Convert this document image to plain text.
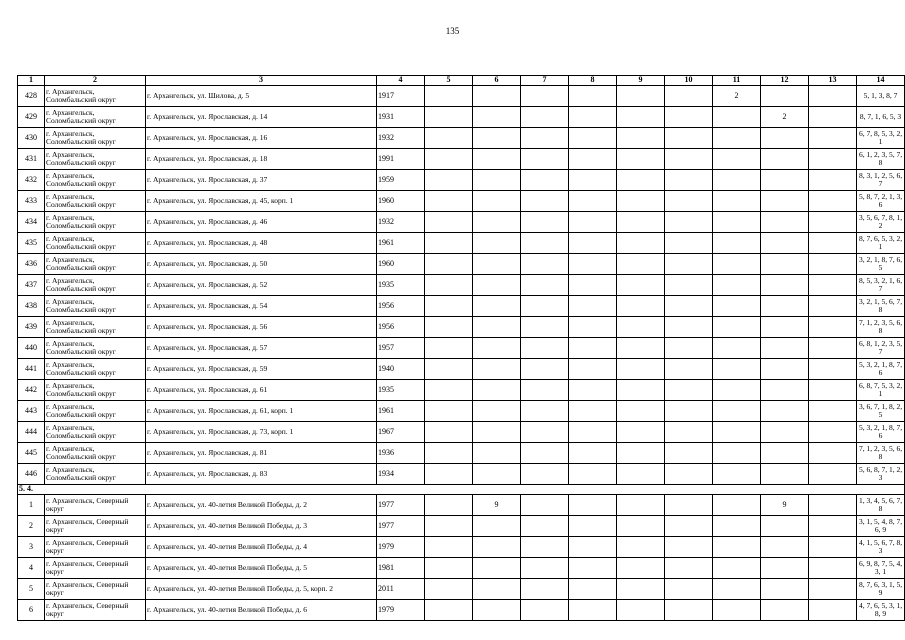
135
1	2	3	4	5	6	7	8	9	10	11	12	13	14
428	г. Архангельск, Соломбальский округ	г. Архангельск, ул. Шилова, д. 5	1917							2			5, 1, 3, 8, 7
429	г. Архангельск, Соломбальский округ	г. Архангельск, ул. Ярославская, д. 14	1931								2		8, 7, 1, 6, 5, 3
430	г. Архангельск, Соломбальский округ	г. Архангельск, ул. Ярославская, д. 16	1932										6, 7, 8, 5, 3, 2, 1
431	г. Архангельск, Соломбальский округ	г. Архангельск, ул. Ярославская, д. 18	1991										6, 1, 2, 3, 5, 7, 8
432	г. Архангельск, Соломбальский округ	г. Архангельск, ул. Ярославская, д. 37	1959										8, 3, 1, 2, 5, 6, 7
433	г. Архангельск, Соломбальский округ	г. Архангельск, ул. Ярославская, д. 45, корп. 1	1960										5, 8, 7, 2, 1, 3, 6
434	г. Архангельск, Соломбальский округ	г. Архангельск, ул. Ярославская, д. 46	1932										3, 5, 6, 7, 8, 1, 2
435	г. Архангельск, Соломбальский округ	г. Архангельск, ул. Ярославская, д. 48	1961										8, 7, 6, 5, 3, 2, 1
436	г. Архангельск, Соломбальский округ	г. Архангельск, ул. Ярославская, д. 50	1960										3, 2, 1, 8, 7, 6, 5
437	г. Архангельск, Соломбальский округ	г. Архангельск, ул. Ярославская, д. 52	1935										8, 5, 3, 2, 1, 6, 7
438	г. Архангельск, Соломбальский округ	г. Архангельск, ул. Ярославская, д. 54	1956										3, 2, 1, 5, 6, 7, 8
439	г. Архангельск, Соломбальский округ	г. Архангельск, ул. Ярославская, д. 56	1956										7, 1, 2, 3, 5, 6, 8
440	г. Архангельск, Соломбальский округ	г. Архангельск, ул. Ярославская, д. 57	1957										6, 8, 1, 2, 3, 5, 7
441	г. Архангельск, Соломбальский округ	г. Архангельск, ул. Ярославская, д. 59	1940										5, 3, 2, 1, 8, 7, 6
442	г. Архангельск, Соломбальский округ	г. Архангельск, ул. Ярославская, д. 61	1935										6, 8, 7, 5, 3, 2, 1
443	г. Архангельск, Соломбальский округ	г. Архангельск, ул. Ярославская, д. 61, корп. 1	1961										3, 6, 7, 1, 8, 2, 5
444	г. Архангельск, Соломбальский округ	г. Архангельск, ул. Ярославская, д. 73, корп. 1	1967										5, 3, 2, 1, 8, 7, 6
445	г. Архангельск, Соломбальский округ	г. Архангельск, ул. Ярославская, д. 81	1936										7, 1, 2, 3, 5, 6, 8
446	г. Архангельск, Соломбальский округ	г. Архангельск, ул. Ярославская, д. 83	1934										5, 6, 8, 7, 1, 2, 3
5. 4.													
1	г. Архангельск, Северный округ	г. Архангельск, ул. 40-летия Великой Победы, д. 2	1977		9						9		1, 3, 4, 5, 6, 7, 8
2	г. Архангельск, Северный округ	г. Архангельск, ул. 40-летия Великой Победы, д. 3	1977										3, 1, 5, 4, 8, 7, 6, 9
3	г. Архангельск, Северный округ	г. Архангельск, ул. 40-летия Великой Победы, д. 4	1979										4, 1, 5, 6, 7, 8, 3
4	г. Архангельск, Северный округ	г. Архангельск, ул. 40-летия Великой Победы, д. 5	1981										6, 9, 8, 7, 5, 4, 3, 1
5	г. Архангельск, Северный округ	г. Архангельск, ул. 40-летия Великой Победы, д. 5, корп. 2	2011										8, 7, 6, 3, 1, 5, 9
6	г. Архангельск, Северный округ	г. Архангельск, ул. 40-летия Великой Победы, д. 6	1979										4, 7, 6, 5, 3, 1, 8, 9
